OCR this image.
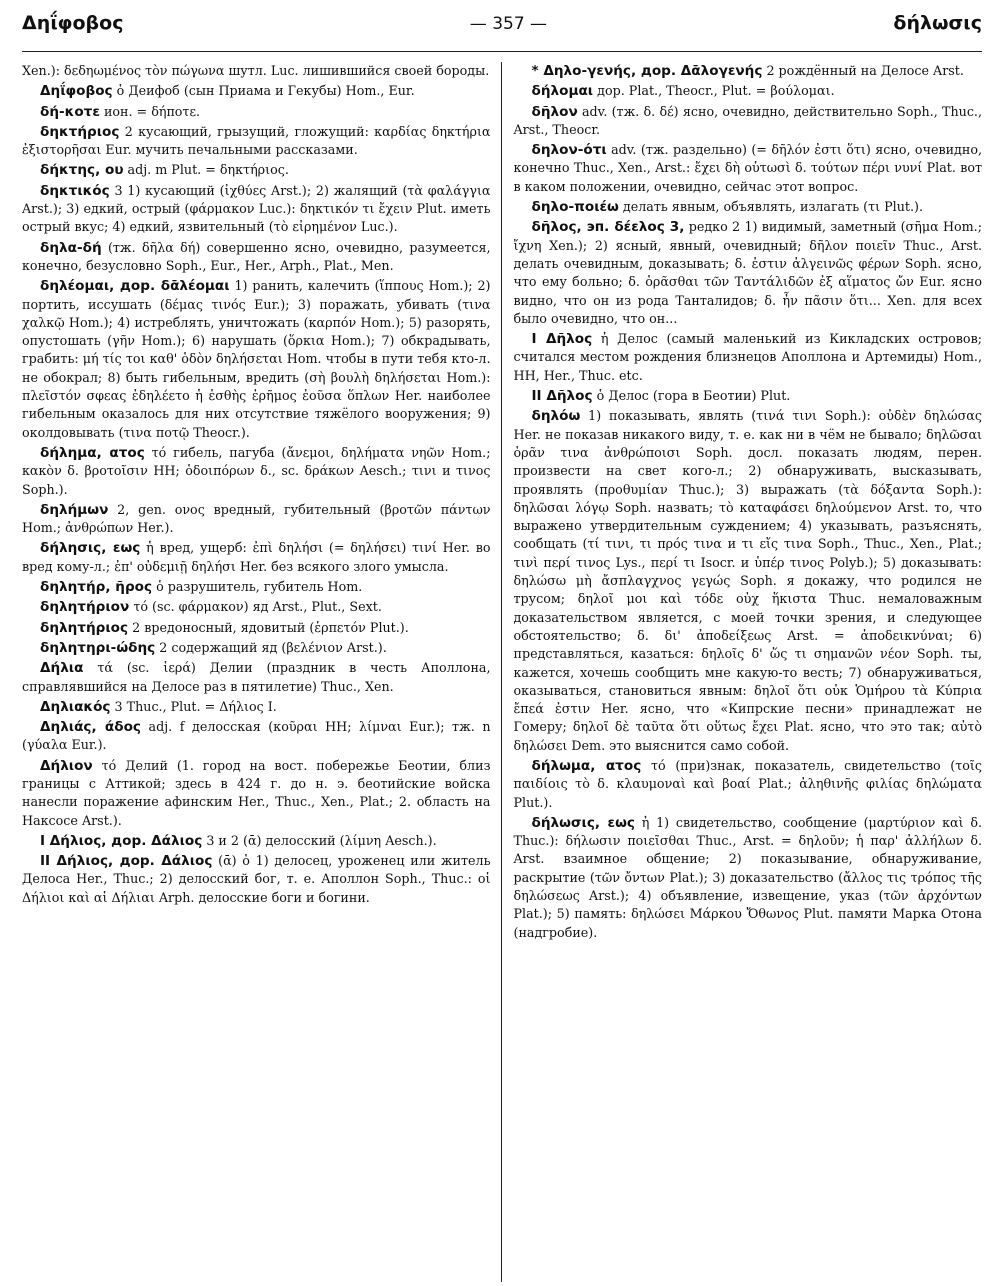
Δηΐφοβος	— 357 —	δήλωσις

Xen.): δεδηωμένος τὸν πώγωνα шутл. Luc. лишившийся своей бороды.

Δηΐφοβος ὁ Деифоб (сын Приама и Гекубы) Hom., Eur.

δή-κοτε ион. = δήποτε.

δηκτήριος 2 кусающий, грызущий, гложущий: καρδίας δηκτήρια ἐξιστορῆσαι Eur. мучить печальными рассказами.

δήκτης, ου adj. m Plut. = δηκτήριος.

δηκτικός 3 1) кусающий (ἰχθύες Arst.); 2) жалящий (τὰ φαλάγγια Arst.); 3) едкий, острый (φάρμακον Luc.): δηκτικόν τι ἔχειν Plut. иметь острый вкус; 4) едкий, язвительный (τὸ εἰρημένον Luc.).

δηλα-δή (тж. δῆλα δή) совершенно ясно, очевидно, разумеется, конечно, безусловно Soph., Eur., Her., Arph., Plat., Men.

δηλέομαι, дор. δᾱλέομαι 1) ранить, калечить (ἵππους Hom.); 2) портить, иссушать (δέμας τινός Eur.); 3) поражать, убивать (τινα χαλκῷ Hom.); 4) истреблять, уничтожать (καρπόν Hom.); 5) разорять, опустошать (γῆν Hom.); 6) нарушать (ὅρκια Hom.); 7) обкрадывать, грабить: μή τίς τοι καθ' ὁδὸν δηλήσεται Hom. чтобы в пути тебя кто-л. не обокрал; 8) быть гибельным, вредить (σὴ βουλὴ δηλήσεται Hom.): πλεῖστόν σφεας ἐδηλέετο ἡ ἐσθὴς ἐρῆμος ἐοῦσα ὅπλων Her. наиболее гибельным оказалось для них отсутствие тяжёлого вооружения; 9) околдовывать (τινα ποτῷ Theocr.).

δήλημα, ατος τό гибель, пагуба (ἄνεμοι, δηλήματα νηῶν Hom.; κακὸν δ. βροτοῖσιν HH; ὁδοιπόρων δ., sc. δράκων Aesch.; τινι и τινος Soph.).

δηλήμων 2, gen. ονος вредный, губительный (βροτῶν πάντων Hom.; ἀνθρώπων Her.).

δήλησις, εως ἡ вред, ущерб: ἐπὶ δηλήσι (= δηλήσει) τινί Her. во вред кому-л.; ἐπ' οὐδεμιῇ δηλήσι Her. без всякого злого умысла.

δηλητήρ, ῆρος ὁ разрушитель, губитель Hom.

δηλητήριον τό (sc. φάρμακον) яд Arst., Plut., Sext.

δηλητήριος 2 вредоносный, ядовитый (ἑρπετόν Plut.).

δηλητηρι-ώδης 2 содержащий яд (βελένιον Arst.).

Δήλια τά (sc. ἱερά) Делии (праздник в честь Аполлона, справлявшийся на Делосе раз в пятилетие) Thuc., Xen.

Δηλιακός 3 Thuc., Plut. = Δήλιος I.

Δηλιάς, άδος adj. f делосская (κοῦραι HH; λίμναι Eur.); тж. n (γύαλα Eur.).

Δήλιον τό Делий (1. город на вост. побережье Беотии, близ границы с Аттикой; здесь в 424 г. до н. э. беотийские войска нанесли поражение афинским Her., Thuc., Xen., Plat.; 2. область на Наксосе Arst.).

I Δήλιος, дор. Δάλιος 3 и 2 (ᾱ) делосский (λίμνη Aesch.).

II Δήλιος, дор. Δάλιος (ᾱ) ὁ 1) делосец, уроженец или житель Делоса Her., Thuc.; 2) делосский бог, т. е. Аполлон Soph., Thuc.: οἱ Δήλιοι καὶ αἱ Δήλιαι Arph. делосские боги и богини.

* Δηλο-γενής, дор. Δᾱλογενής 2 рождённый на Делосе Arst.

δήλομαι дор. Plat., Theocr., Plut. = βούλομαι.

δῆλον adv. (тж. δ. δέ) ясно, очевидно, действительно Soph., Thuc., Arst., Theocr.

δηλον-ότι adv. (тж. раздельно) (= δῆλόν ἐστι ὅτι) ясно, очевидно, конечно Thuc., Xen., Arst.: ἔχει δὴ οὑτωσὶ δ. τούτων πέρι νυνί Plat. вот в каком положении, очевидно, сейчас этот вопрос.

δηλο-ποιέω делать явным, объявлять, излагать (τι Plut.).

δῆλος, эп. δέελος 3, редко 2 1) видимый, заметный (σῆμα Hom.; ἴχνη Xen.); 2) ясный, явный, очевидный; δῆλον ποιεῖν Thuc., Arst. делать очевидным, доказывать; δ. ἐστιν ἀλγεινῶς φέρων Soph. ясно, что ему больно; δ. ὁρᾶσθαι τῶν Ταντάλιδῶν ἐξ αἵματος ὤν Eur. ясно видно, что он из рода Танталидов; δ. ἦν πᾶσιν ὅτι... Xen. для всех было очевидно, что он...

I Δῆλος ἡ Делос (самый маленький из Кикладских островов; считался местом рождения близнецов Аполлона и Артемиды) Hom., HH, Her., Thuc. etc.

II Δῆλος ὁ Делос (гора в Беотии) Plut.

δηλόω 1) показывать, являть (τινά τινι Soph.): οὐδὲν δηλώσας Her. не показав никакого виду, т. е. как ни в чём не бывало; δηλῶσαι ὁρᾶν τινα ἀνθρώποισι Soph. досл. показать людям, перен. произвести на свет кого-л.; 2) обнаруживать, высказывать, проявлять (προθυμίαν Thuc.); 3) выражать (τὰ δόξαντα Soph.): δηλῶσαι λόγῳ Soph. назвать; τὸ καταφάσει δηλούμενον Arst. то, что выражено утвердительным суждением; 4) указывать, разъяснять, сообщать (τί τινι, τι πρός τινα и τι εἴς τινα Soph., Thuc., Xen., Plat.; τινὶ περί τινος Lys., περί τι Isocr. и ὑπέρ τινος Polyb.); 5) доказывать: δηλώσω μὴ ἄσπλαγχνος γεγώς Soph. я докажу, что родился не трусом; δηλοῖ μοι καὶ τόδε οὐχ ἥκιστα Thuc. немаловажным доказательством является, с моей точки зрения, и следующее обстоятельство; δ. δι' ἀποδείξεως Arst. = ἀποδεικνύναι; 6) представляться, казаться: δηλοῖς δ' ὥς τι σημανῶν νέον Soph. ты, кажется, хочешь сообщить мне какую-то весть; 7) обнаруживаться, оказываться, становиться явным: δηλοῖ ὅτι οὐκ Ὁμήρου τὰ Κύπρια ἔπεά ἐστιν Her. ясно, что «Кипрские песни» принадлежат не Гомеру; δηλοῖ δὲ ταῦτα ὅτι οὕτως ἔχει Plat. ясно, что это так; αὐτὸ δηλώσει Dem. это выяснится само собой.

δήλωμα, ατος τό (при)знак, показатель, свидетельство (τοῖς παιδίοις τὸ δ. κλαυμοναὶ καὶ βοαί Plat.; ἀληθινῆς φιλίας δηλώματα Plut.).

δήλωσις, εως ἡ 1) свидетельство, сообщение (μαρτύριον καὶ δ. Thuc.): δήλωσιν ποιεῖσθαι Thuc., Arst. = δηλοῦν; ἡ παρ' ἀλλήλων δ. Arst. взаимное общение; 2) показывание, обнаруживание, раскрытие (τῶν ὄντων Plat.); 3) доказательство (ἄλλος τις τρόπος τῆς δηλώσεως Arst.); 4) объявление, извещение, указ (τῶν ἀρχόντων Plat.); 5) память: δηλώσει Μάρκου Ὄθωνος Plut. памяти Марка Отона (надгробие).
